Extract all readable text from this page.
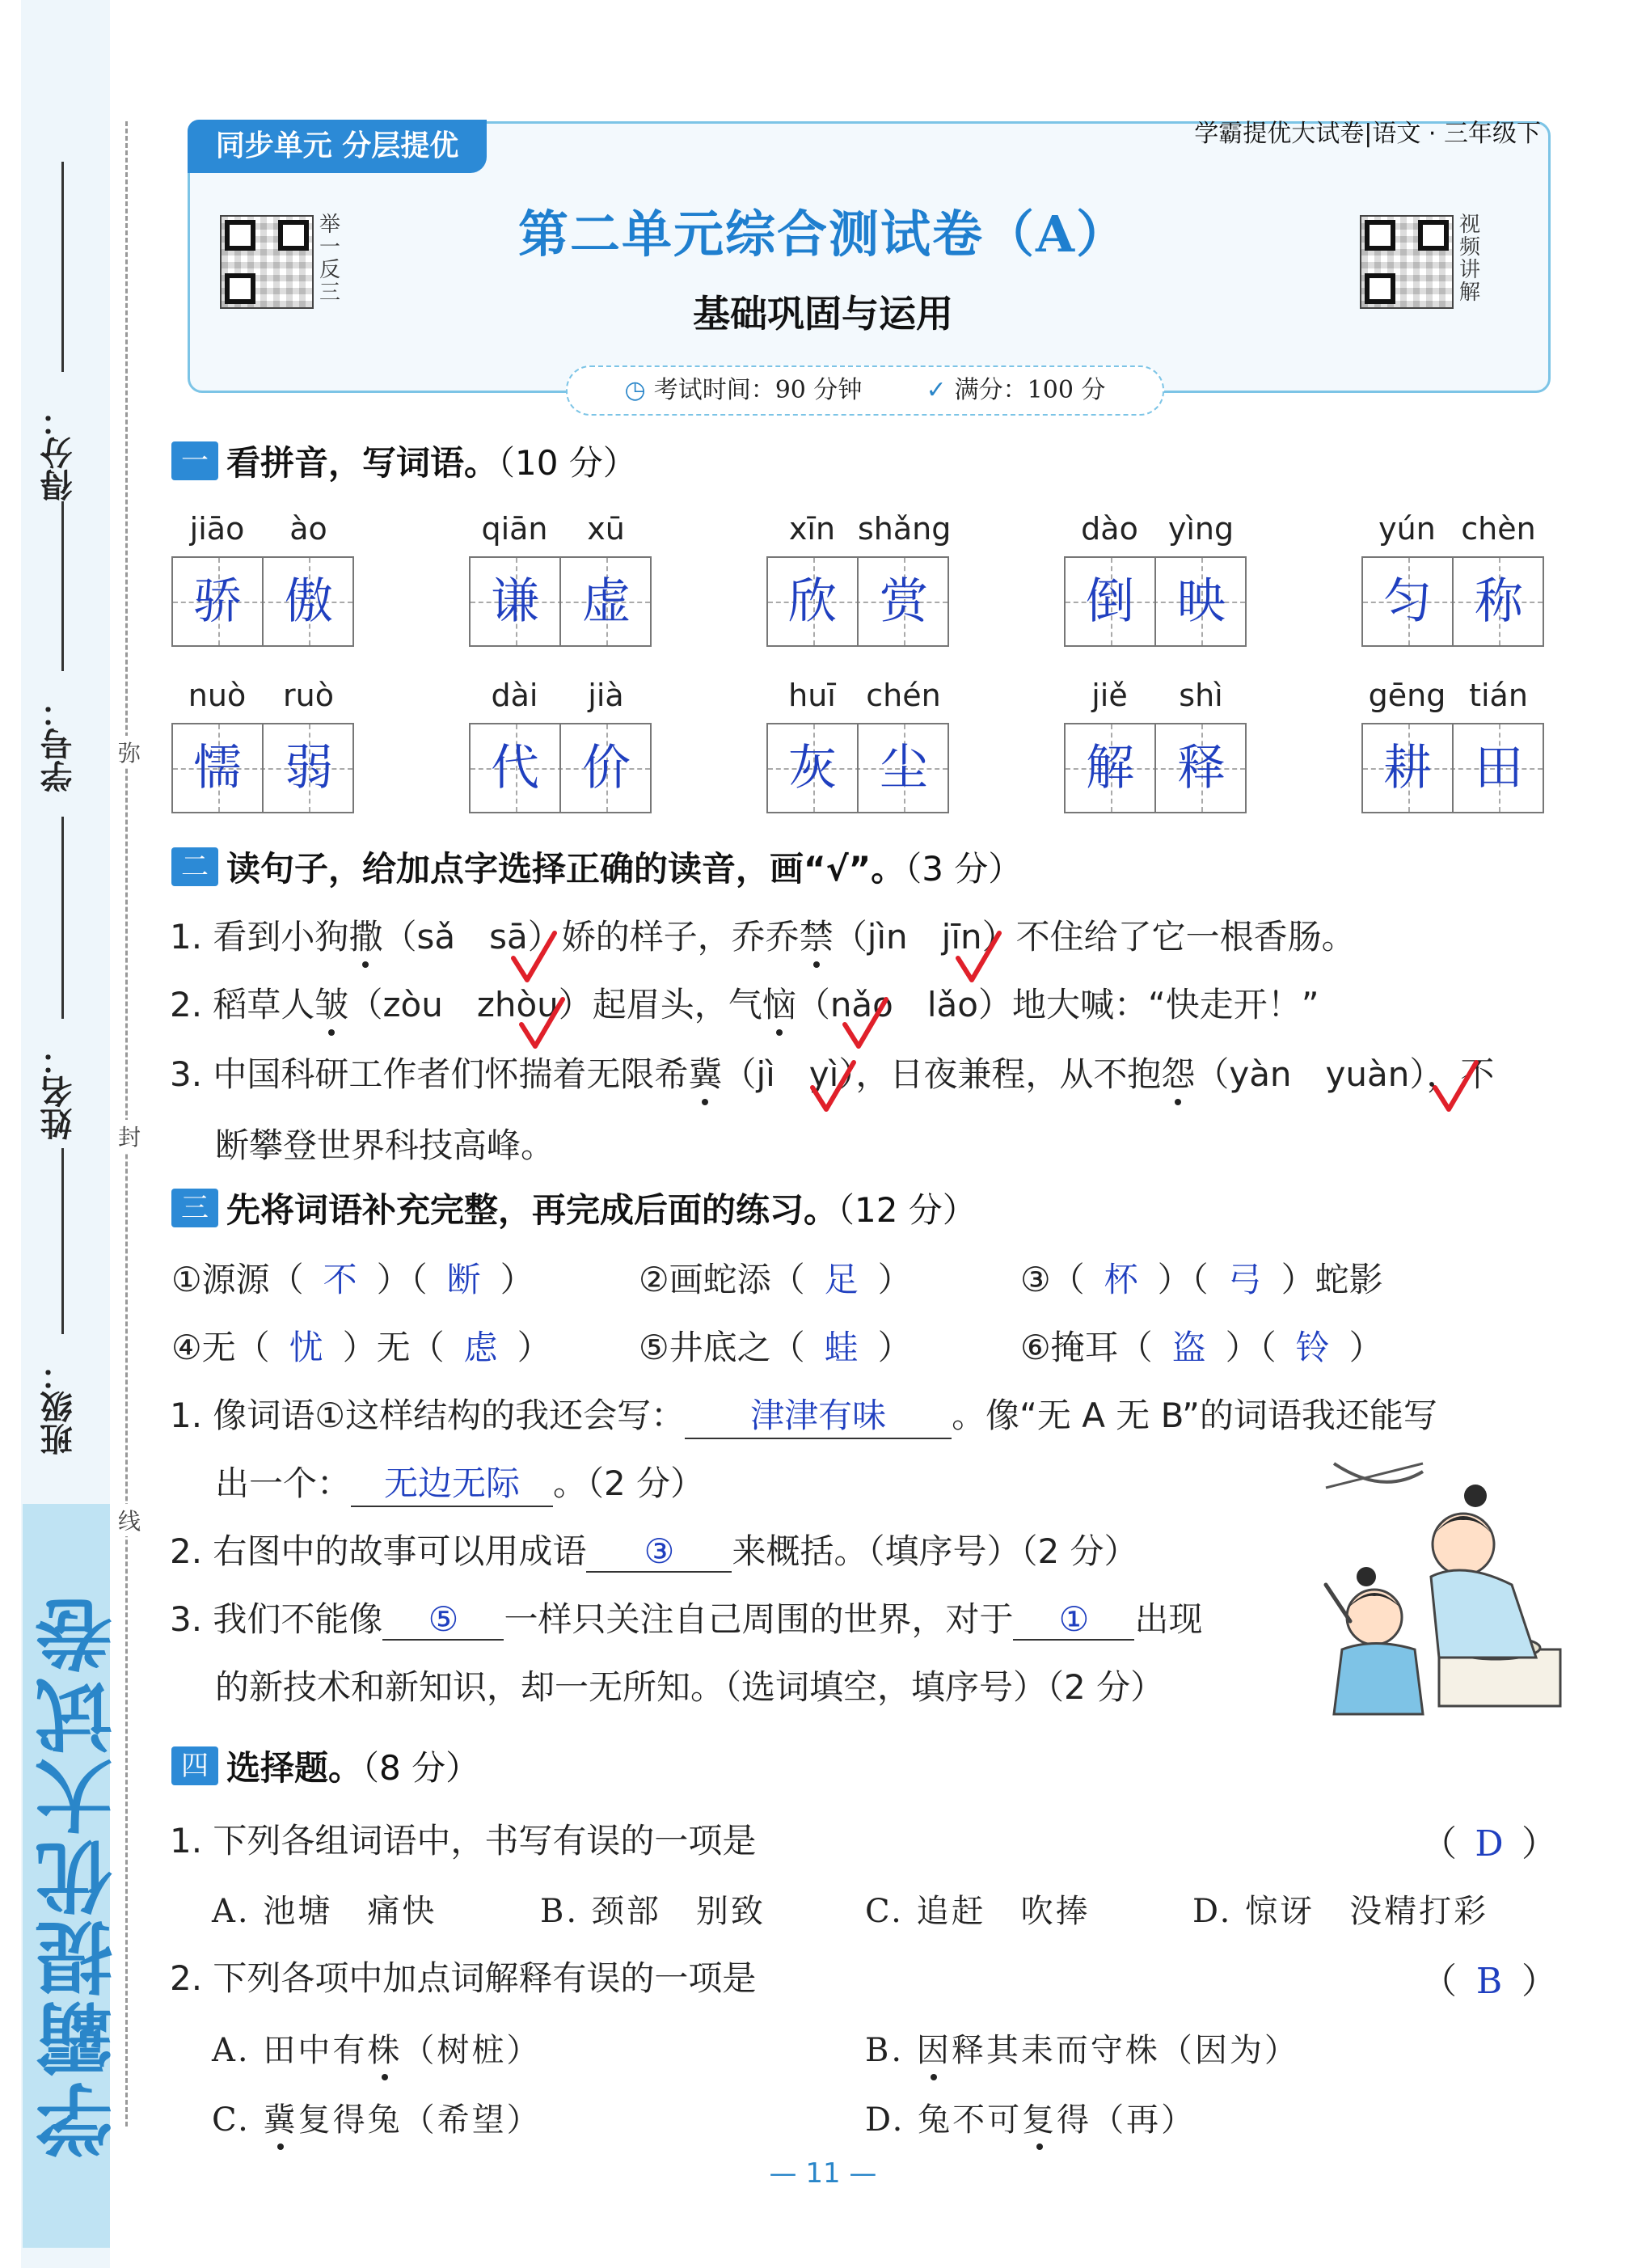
学霸提优大试卷
得分：
学号：
姓名：
班级：
弥
封
线
同步单元 分层提优	学霸提优大试卷|语文 · 三年级下
举一反三
视频讲解
第二单元综合测试卷（A）
基础巩固与运用
◷ 考试时间：90 分钟	✓ 满分：100 分
一 看拼音，写词语。（10 分）
jiāo	ào
骄 傲
qiān	xū
谦 虚
xīn shǎng
欣 赏
dào yìng
倒 映
yún chèn
匀 称
nuò	ruò
懦 弱
dài	jià
代 价
huī chén
灰 尘
jiě	shì
解 释
gēng tián
耕 田
二 读句子，给加点字选择正确的读音，画“√”。（3 分）
1. 看到小狗撒（sǎ　sā）娇的样子，乔乔禁（jìn　jīn）不住给了它一根香肠。
2. 稻草人皱（zòu　zhòu）起眉头，气恼（nǎo　lǎo）地大喊：“快走开！”
3. 中国科研工作者们怀揣着无限希冀（jì　yì），日夜兼程，从不抱怨（yàn　yuàn），不
断攀登世界科技高峰。
三 先将词语补充完整，再完成后面的练习。（12 分）
①源源（ 不 ）（ 断 ）	②画蛇添（ 足 ）	③（ 杯 ）（ 弓 ）蛇影
④无（ 忧 ）无（ 虑 ）	⑤井底之（ 蛙 ）	⑥掩耳（ 盗 ）（ 铃 ）
1. 像词语①这样结构的我还会写： 津津有味 。像“无 A 无 B”的词语我还能写
出一个： 无边无际 。（2 分）
2. 右图中的故事可以用成语 ③ 来概括。（填序号）（2 分）
3. 我们不能像 ⑤ 一样只关注自己周围的世界，对于 ① 出现
的新技术和新知识，却一无所知。（选词填空，填序号）（2 分）
四 选择题。（8 分）
1. 下列各组词语中，书写有误的一项是	（ D ）
A. 池塘　痛快	B. 颈部　别致	C. 追赶　吹捧	D. 惊讶　没精打彩
2. 下列各项中加点词解释有误的一项是	（ B ）
A. 田中有株（树桩）	B. 因释其耒而守株（因为）
C. 冀复得兔（希望）	D. 兔不可复得（再）
— 11 —
